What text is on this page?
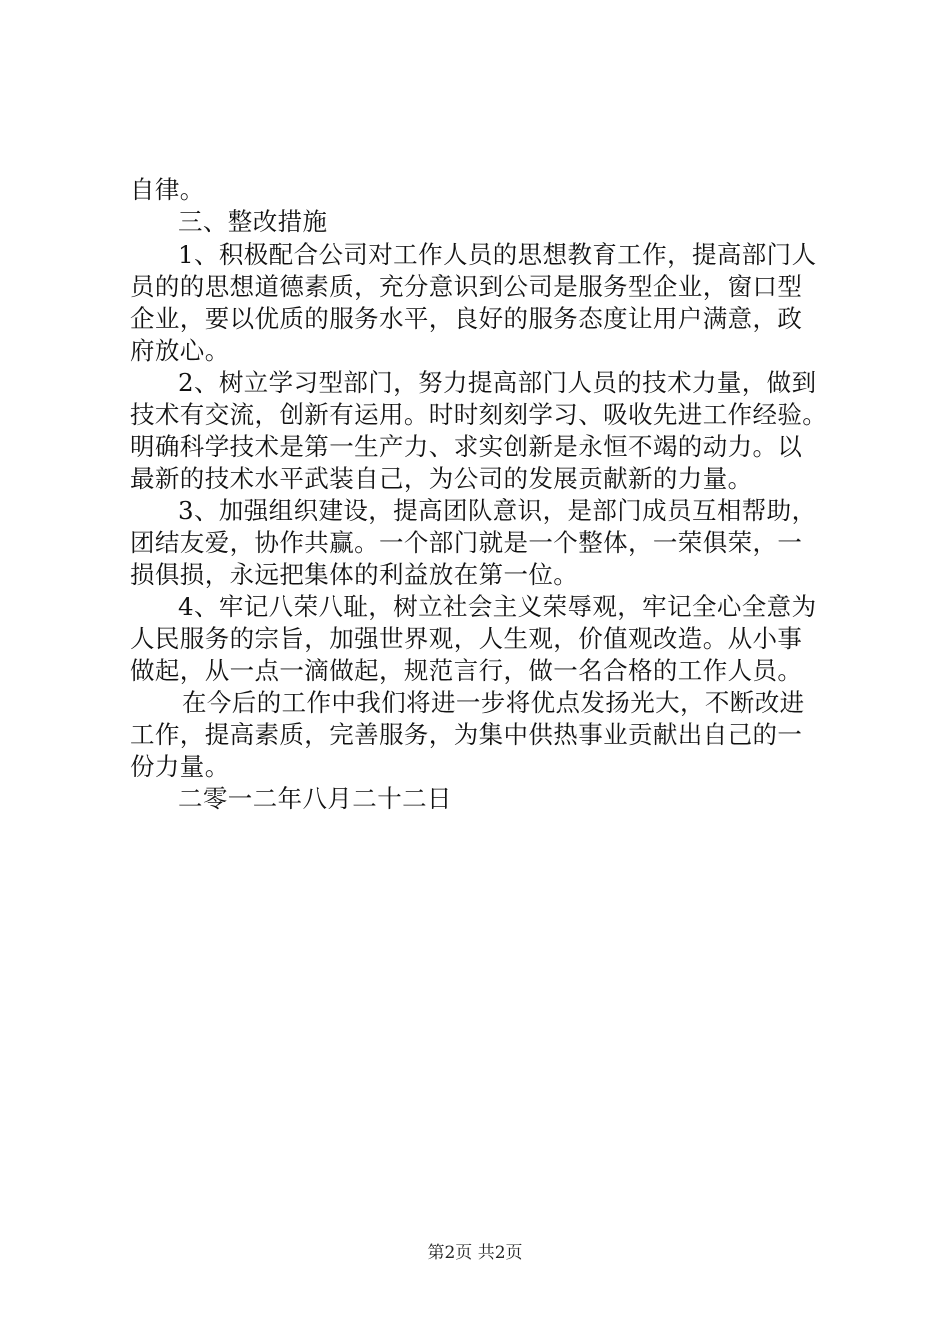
自律。
三、整改措施
1、积极配合公司对工作人员的思想教育工作，提高部门人
员的的思想道德素质，充分意识到公司是服务型企业，窗口型
企业，要以优质的服务水平，良好的服务态度让用户满意，政
府放心。
2、树立学习型部门，努力提高部门人员的技术力量，做到
技术有交流，创新有运用。时时刻刻学习、吸收先进工作经验。
明确科学技术是第一生产力、求实创新是永恒不竭的动力。以
最新的技术水平武装自己，为公司的发展贡献新的力量。
3、加强组织建设，提高团队意识，是部门成员互相帮助，
团结友爱，协作共赢。一个部门就是一个整体，一荣俱荣，一
损俱损，永远把集体的利益放在第一位。
4、牢记八荣八耻，树立社会主义荣辱观，牢记全心全意为
人民服务的宗旨，加强世界观，人生观，价值观改造。从小事
做起，从一点一滴做起，规范言行，做一名合格的工作人员。
在今后的工作中我们将进一步将优点发扬光大，不断改进
工作，提高素质，完善服务，为集中供热事业贡献出自己的一
份力量。
二零一二年八月二十二日
第2页 共2页
